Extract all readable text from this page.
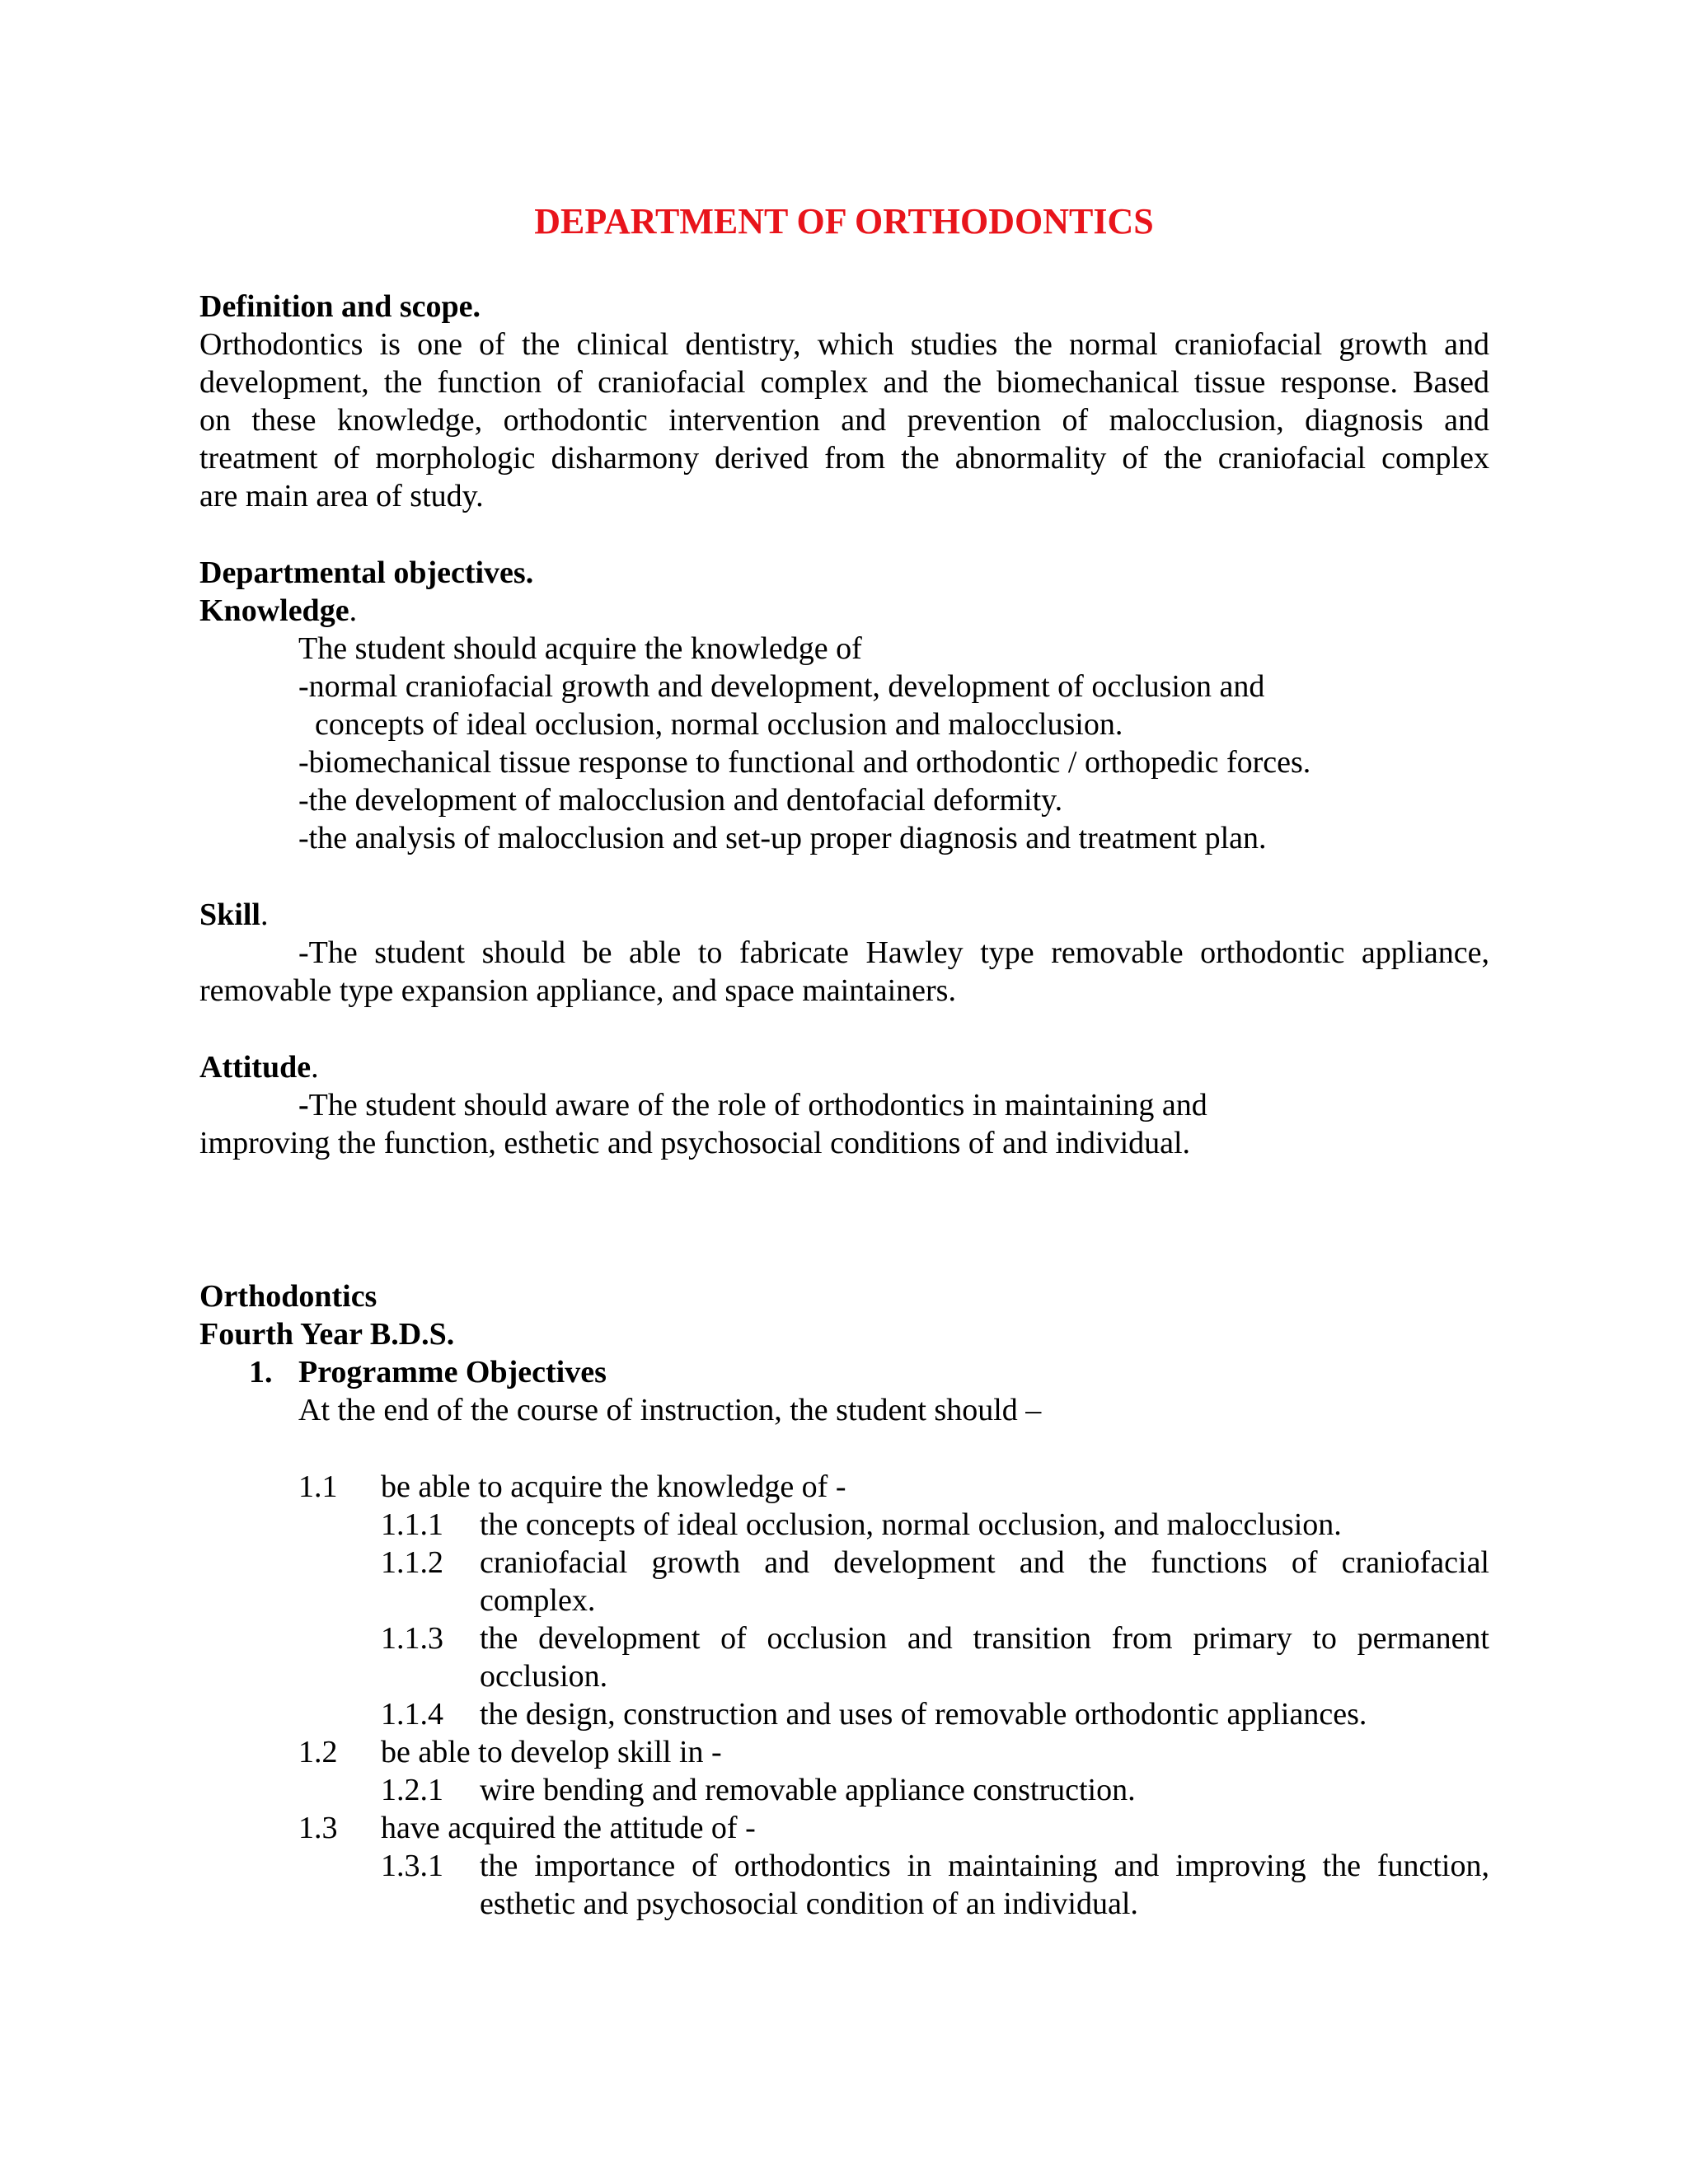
DEPARTMENT OF ORTHODONTICS
Definition and scope.
Orthodontics is one of the clinical dentistry, which studies the normal craniofacial growth and
development, the function of craniofacial complex and the biomechanical tissue response. Based
on these knowledge, orthodontic intervention and prevention of malocclusion, diagnosis and
treatment of morphologic disharmony derived from the abnormality of the craniofacial complex
are main area of study.
Departmental objectives.
Knowledge.
The student should acquire the knowledge of
-normal craniofacial growth and development, development of occlusion and
concepts of ideal occlusion, normal occlusion and malocclusion.
-biomechanical tissue response to functional and orthodontic / orthopedic forces.
-the development of malocclusion and dentofacial deformity.
-the analysis of malocclusion and set-up proper diagnosis and treatment plan.
Skill.
-The student should be able to fabricate Hawley type removable orthodontic appliance,
removable type expansion appliance, and space maintainers.
Attitude.
-The student should aware of the role of orthodontics in maintaining and
improving the function, esthetic and psychosocial conditions of and individual.
Orthodontics
Fourth Year B.D.S.
1. Programme Objectives
At the end of the course of instruction, the student should –
1.1 be able to acquire the knowledge of -
1.1.1 the concepts of ideal occlusion, normal occlusion, and malocclusion.
1.1.2 craniofacial growth and development and the functions of craniofacial
complex.
1.1.3 the development of occlusion and transition from primary to permanent
occlusion.
1.1.4 the design, construction and uses of removable orthodontic appliances.
1.2 be able to develop skill in -
1.2.1 wire bending and removable appliance construction.
1.3 have acquired the attitude of -
1.3.1 the importance of orthodontics in maintaining and improving the function,
esthetic and psychosocial condition of an individual.
